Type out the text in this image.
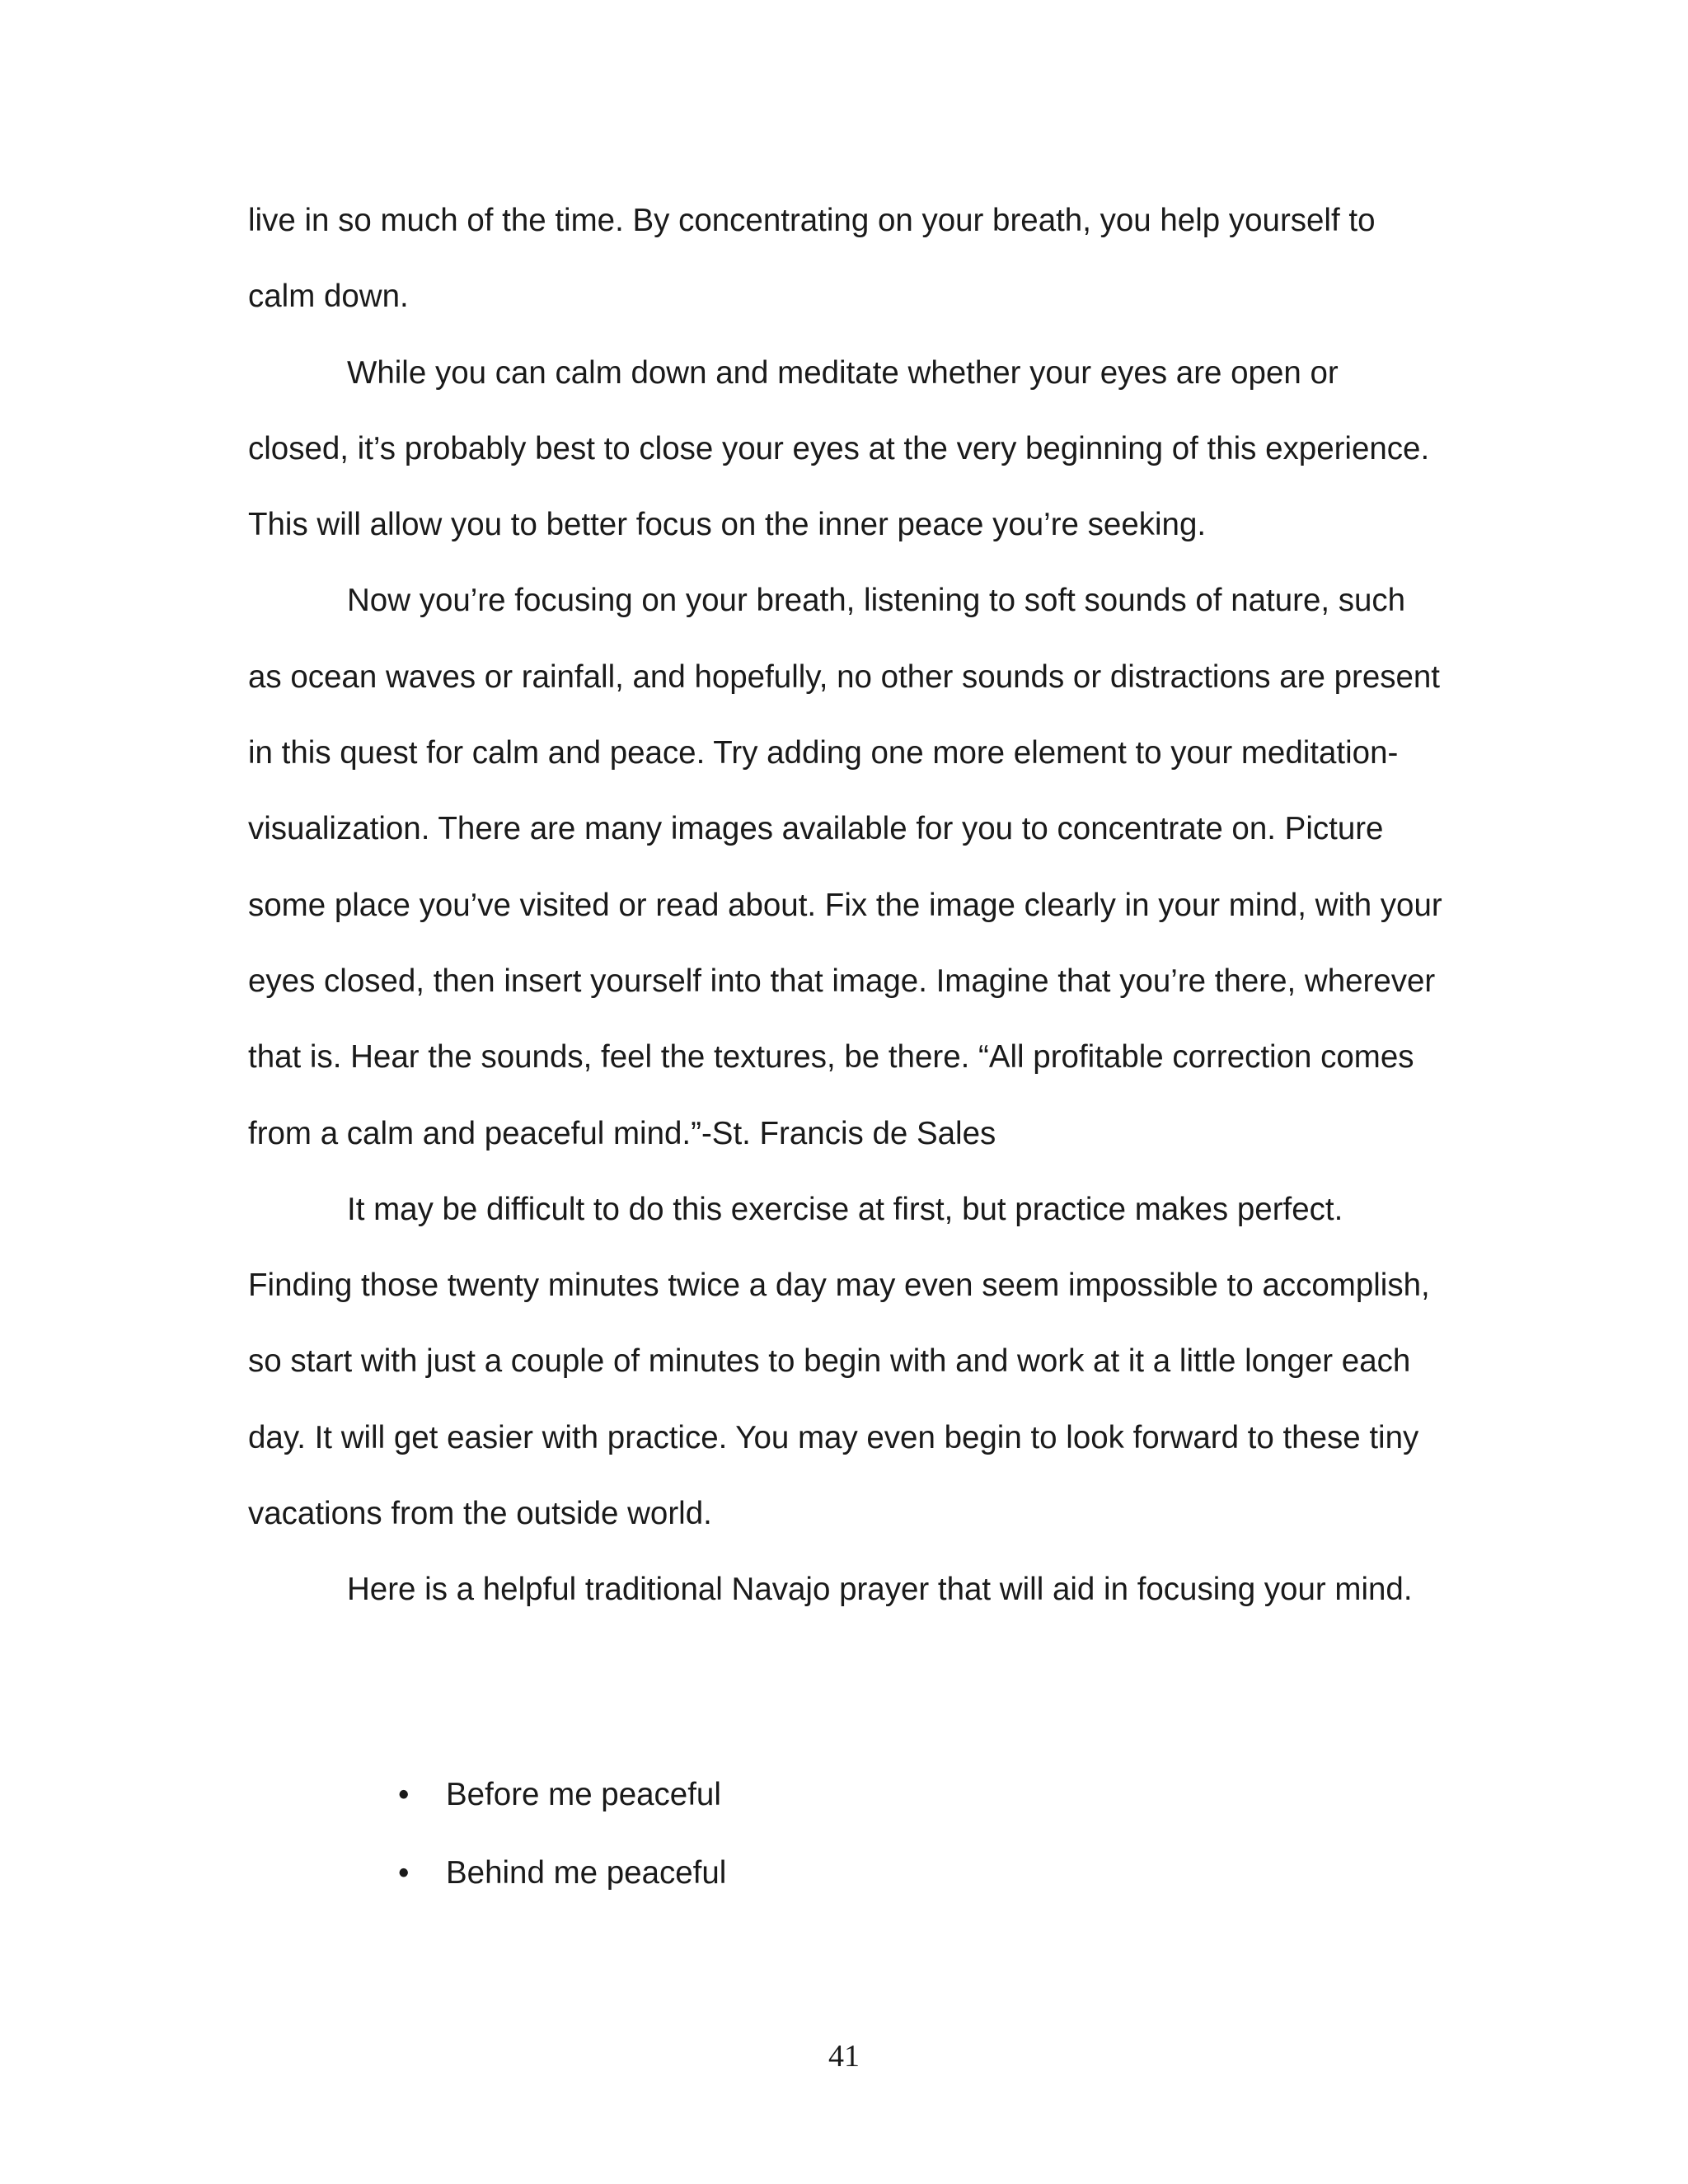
live in so much of the time. By concentrating on your breath, you help yourself to calm down.

While you can calm down and meditate whether your eyes are open or closed, it’s probably best to close your eyes at the very beginning of this experience. This will allow you to better focus on the inner peace you’re seeking.

Now you’re focusing on your breath, listening to soft sounds of nature, such as ocean waves or rainfall, and hopefully, no other sounds or distractions are present in this quest for calm and peace. Try adding one more element to your meditation-visualization. There are many images available for you to concentrate on. Picture some place you’ve visited or read about. Fix the image clearly in your mind, with your eyes closed, then insert yourself into that image. Imagine that you’re there, wherever that is. Hear the sounds, feel the textures, be there. “All profitable correction comes from a calm and peaceful mind.”-St. Francis de Sales

It may be difficult to do this exercise at first, but practice makes perfect. Finding those twenty minutes twice a day may even seem impossible to accomplish, so start with just a couple of minutes to begin with and work at it a little longer each day. It will get easier with practice. You may even begin to look forward to these tiny vacations from the outside world.

Here is a helpful traditional Navajo prayer that will aid in focusing your mind.

• Before me peaceful
• Behind me peaceful
41
